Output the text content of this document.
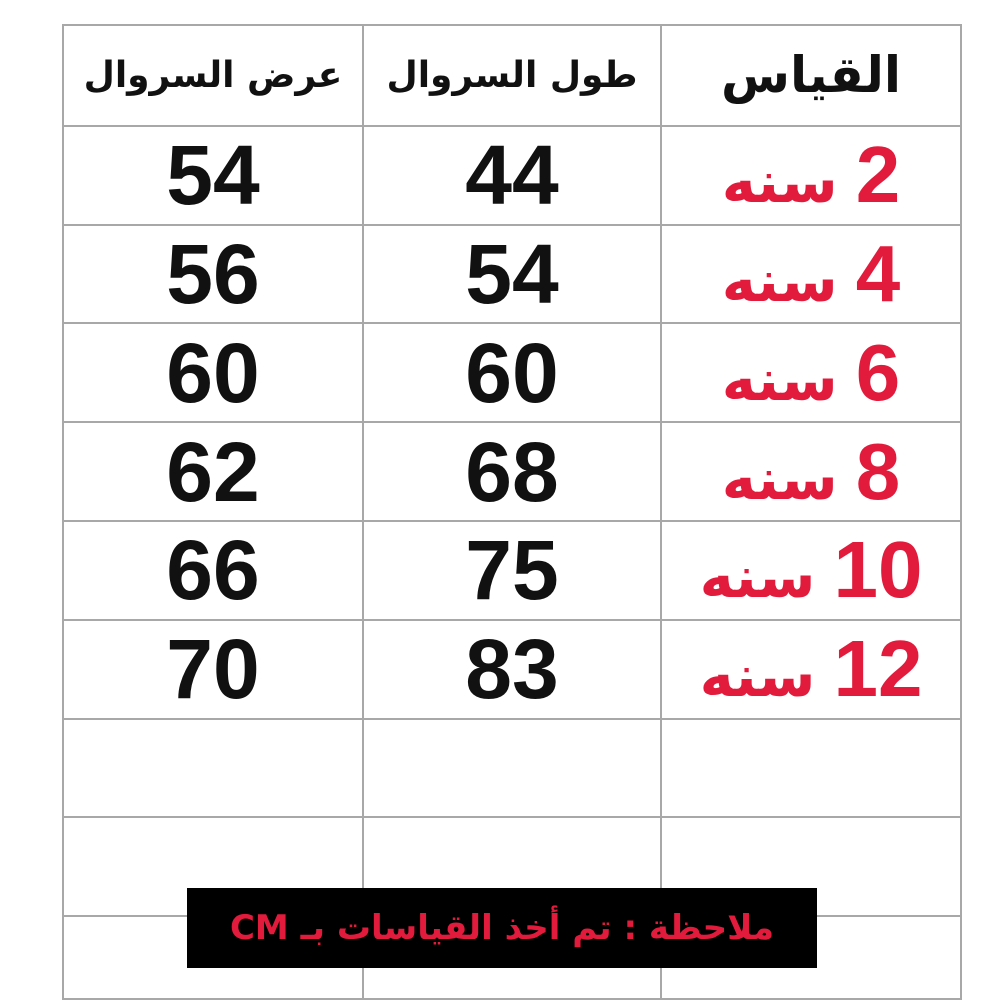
عرض السروال	طول السروال	القياس
54	44	سنه 2

56	54	سنه 4

60	60	سنه 6

62	68	سنه 8

66	75	سنه 10

70	83	سنه 12

ملاحظة : تم أخذ القياسات بـ CM
